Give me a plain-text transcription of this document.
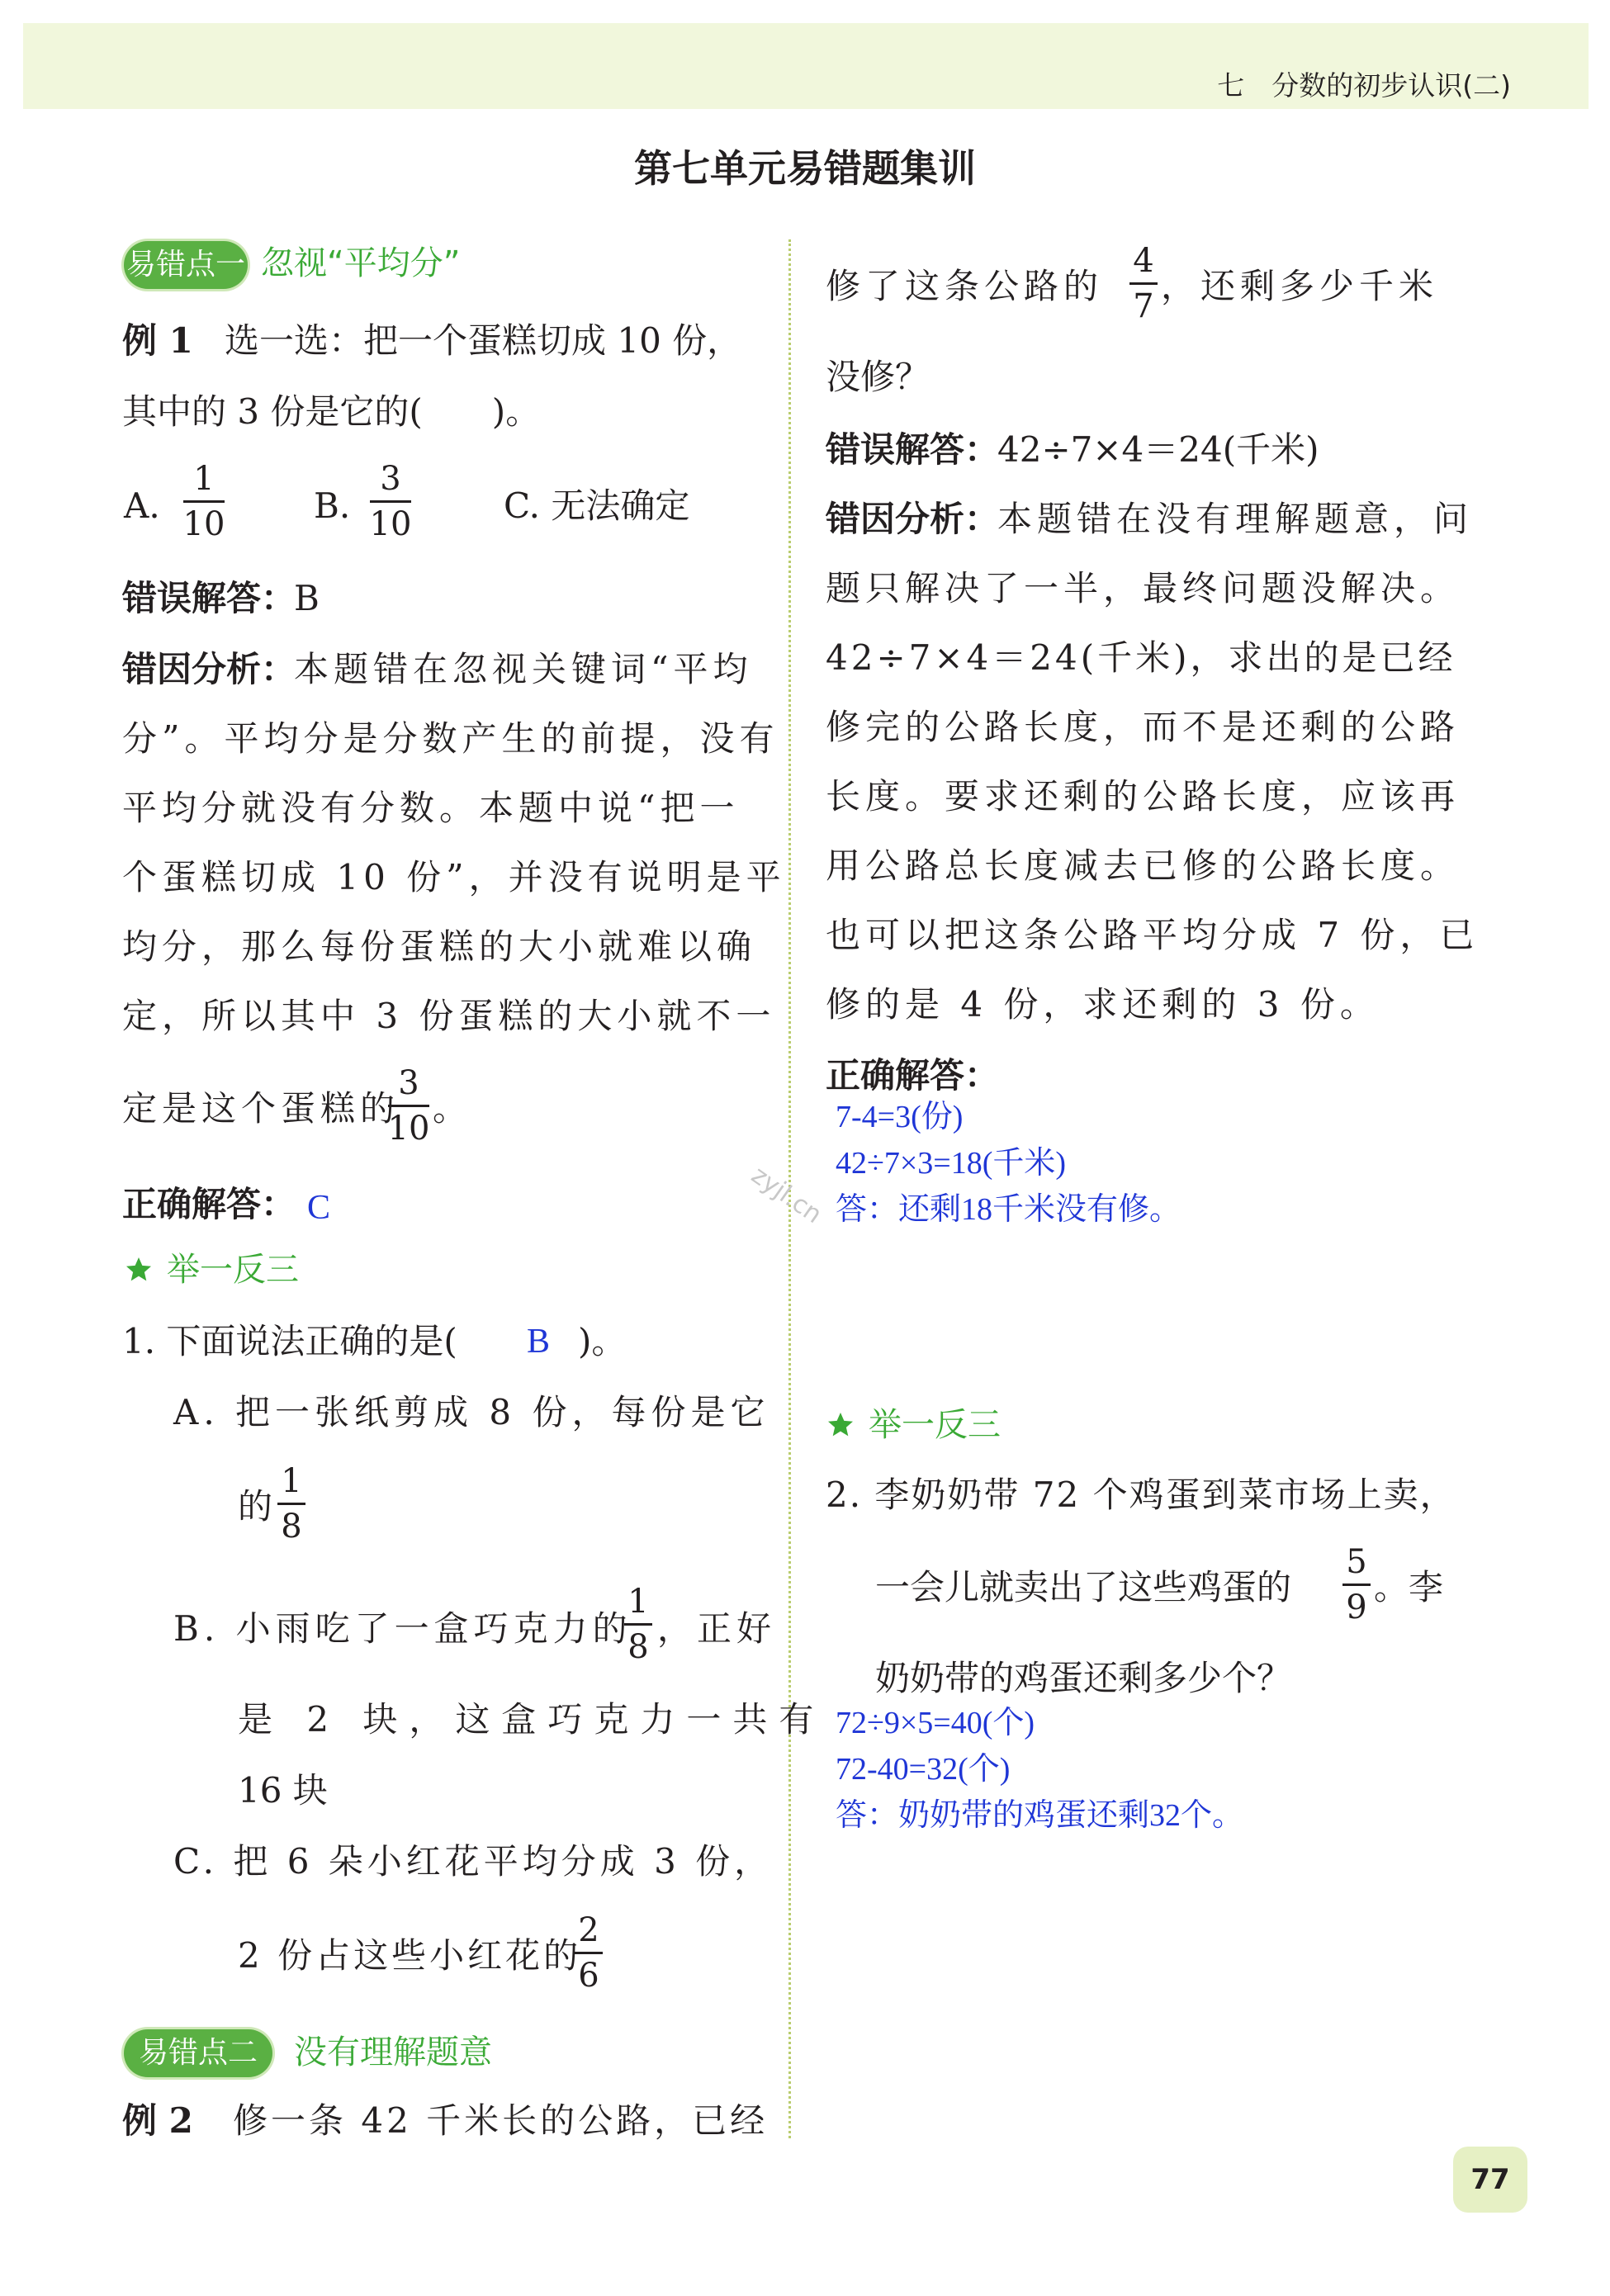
七　分数的初步认识(二)
第七单元易错题集训
易错点一 忽视“平均分”
例 1 选一选：把一个蛋糕切成 10 份，
其中的 3 份是它的(　　)。
A.
1
10	B.
3
10	C. 无法确定
错误解答：
B
错因分析：
本题错在忽视关键词“平均
分”。平均分是分数产生的前提，没有
平均分就没有分数。本题中说“把一
个蛋糕切成 10 份”，并没有说明是平
均分，那么每份蛋糕的大小就难以确
定，所以其中 3 份蛋糕的大小就不一
定是这个蛋糕的
3
10 。
正确解答： C
举一反三
1. 下面说法正确的是( B )。
A. 把一张纸剪成 8 份，每份是它
的
1
8
B. 小雨吃了一盒巧克力的
1
8 ，正好
是 2 块，这盒巧克力一共有
16 块
C. 把 6 朵小红花平均分成 3 份，
2 份占这些小红花的
2
6
易错点二	没有理解题意
例 2 修一条 42 千米长的公路，已经
修了这条公路的
4
7 ，还剩多少千米
没修？
错误解答：
42÷7×4＝24(千米)
错因分析：
本题错在没有理解题意，问
题只解决了一半，最终问题没解决。
42÷7×4＝24(千米)，求出的是已经
修完的公路长度，而不是还剩的公路
长度。要求还剩的公路长度，应该再
用公路总长度减去已修的公路长度。
也可以把这条公路平均分成 7 份，已
修的是 4 份，求还剩的 3 份。
正确解答：
7-4=3(份)
42÷7×3=18(千米)
答：还剩18千米没有修。
举一反三
2. 李奶奶带 72 个鸡蛋到菜市场上卖，
一会儿就卖出了这些鸡蛋的
5
9 。李
奶奶带的鸡蛋还剩多少个？
72÷9×5=40(个)
72-40=32(个)
答：奶奶带的鸡蛋还剩32个。
zyjl.cn
77
